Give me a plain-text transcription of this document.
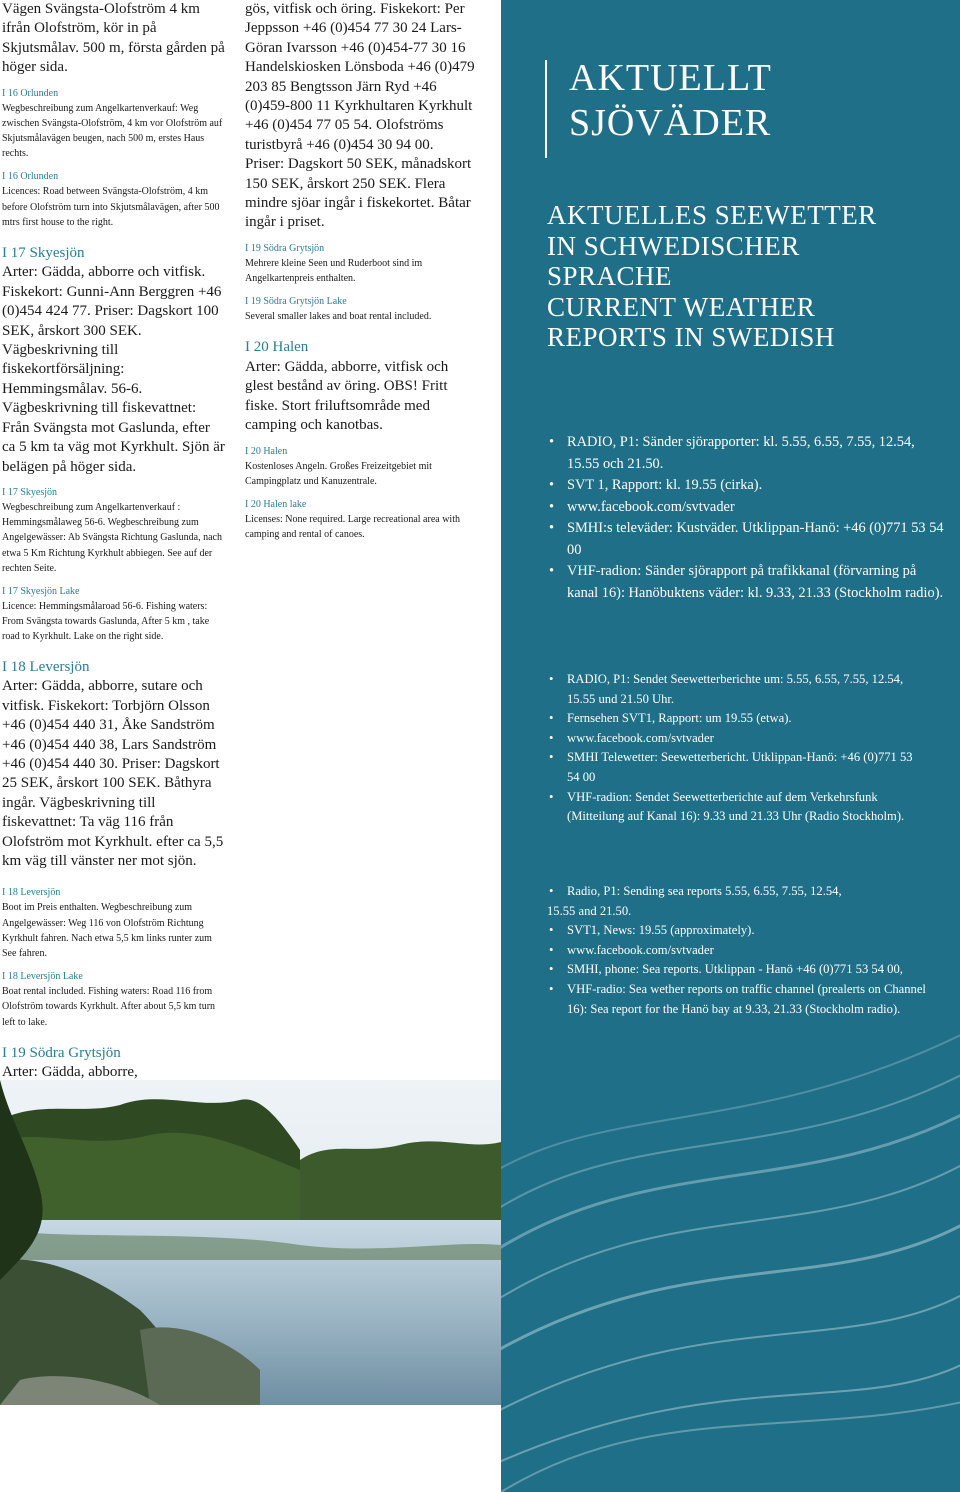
Vägen Svängsta-Olofström 4 km ifrån Olofström, kör in på Skjutsmålav. 500 m, första gården på höger sida.

I 16 Orlunden

Wegbeschreibung zum Angelkartenverkauf: Weg zwischen Svängsta-Olofström, 4 km vor Olofström auf Skjutsmålavägen beugen, nach 500 m, erstes Haus rechts.

I 16 Orlunden

Licences: Road between Svängsta-Olofström, 4 km before Olofström turn into Skjutsmålavägen, after 500 mtrs first house to the right.

I 17 Skyesjön

Arter: Gädda, abborre och vitfisk. Fiskekort: Gunni-Ann Berggren +46 (0)454 424 77. Priser: Dagskort 100 SEK, årskort 300 SEK. Vägbeskrivning till fiskekortförsäljning: Hemmingsmålav. 56-6. Vägbeskrivning till fiskevattnet: Från Svängsta mot Gaslunda, efter ca 5 km ta väg mot Kyrkhult. Sjön är belägen på höger sida.

I 17 Skyesjön

Wegbeschreibung zum Angelkartenverkauf : Hemmingsmålaweg 56-6. Wegbeschreibung zum Angelgewässer: Ab Svängsta Richtung Gaslunda, nach etwa 5 Km Richtung Kyrkhult abbiegen. See auf der rechten Seite.

I 17 Skyesjön Lake

Licence: Hemmingsmålaroad 56-6. Fishing waters: From Svängsta towards Gaslunda, After 5 km , take road to Kyrkhult. Lake on the right side.

I 18 Leversjön

Arter: Gädda, abborre, sutare och vitfisk. Fiskekort: Torbjörn Olsson +46 (0)454 440 31, Åke Sandström +46 (0)454 440 38, Lars Sandström +46 (0)454 440 30. Priser: Dagskort 25 SEK, årskort 100 SEK. Båthyra ingår. Vägbeskrivning till fiskevattnet: Ta väg 116 från Olofström mot Kyrkhult. efter ca 5,5 km väg till vänster ner mot sjön.

I 18 Leversjön

Boot im Preis enthalten. Wegbeschreibung zum Angelgewässer: Weg 116 von Olofström Richtung Kyrkhult fahren. Nach etwa 5,5 km links runter zum See fahren.

I 18 Leversjön Lake

Boat rental included. Fishing waters: Road 116 from Olofström towards Kyrkhult. After about 5,5 km turn left to lake.

I 19 Södra Grytsjön

Arter: Gädda, abborre,

gös, vitfisk och öring. Fiskekort: Per Jeppsson +46 (0)454 77 30 24 Lars-Göran Ivarsson +46 (0)454-77 30 16 Handelskiosken Lönsboda +46 (0)479 203 85 Bengtsson Järn Ryd +46 (0)459-800 11 Kyrkhultaren Kyrkhult +46 (0)454 77 05 54. Olofströms turistbyrå +46 (0)454 30 94 00. Priser: Dagskort 50 SEK, månadskort 150 SEK, årskort 250 SEK. Flera mindre sjöar ingår i fiskekortet. Båtar ingår i priset.

I 19 Södra Grytsjön

Mehrere kleine Seen und Ruderboot sind im Angelkartenpreis enthalten.

I 19 Södra Grytsjön Lake

Several smaller lakes and boat rental included.

I 20 Halen

Arter: Gädda, abborre, vitfisk och glest bestånd av öring. OBS! Fritt fiske. Stort friluftsområde med camping och kanotbas.

I 20 Halen

Kostenloses Angeln. Großes Freizeitgebiet mit Campingplatz und Kanuzentrale.

I 20 Halen lake

Licenses: None required. Large recreational area with camping and rental of canoes.

AKTUELLT
SJÖVÄDER
AKTUELLES SEEWETTER
IN SCHWEDISCHER
SPRACHE
CURRENT WEATHER
REPORTS IN SWEDISH
• RADIO, P1: Sänder sjörapporter: kl. 5.55, 6.55, 7.55, 12.54, 15.55 och 21.50.
• SVT 1, Rapport: kl. 19.55 (cirka).
• www.facebook.com/svtvader
• SMHI:s televäder: Kustväder. Utklippan-Hanö: +46 (0)771 53 54 00
• VHF-radion: Sänder sjörapport på trafikkanal (förvarning på kanal 16): Hanöbuktens väder: kl. 9.33, 21.33 (Stockholm radio).
• RADIO, P1: Sendet Seewetterberichte um: 5.55, 6.55, 7.55, 12.54, 15.55 und 21.50 Uhr.
• Fernsehen SVT1, Rapport: um 19.55 (etwa).
• www.facebook.com/svtvader
• SMHI Telewetter: Seewetterbericht. Utklippan-Hanö: +46 (0)771 53 54 00
• VHF-radion: Sendet Seewetterberichte auf dem Verkehrsfunk (Mitteilung auf Kanal 16): 9.33 und 21.33 Uhr (Radio Stockholm).
• Radio, P1: Sending sea reports 5.55, 6.55, 7.55, 12.54,
15.55 and 21.50.
• SVT1, News: 19.55 (approximately).
• www.facebook.com/svtvader
• SMHI, phone: Sea reports. Utklippan - Hanö +46 (0)771 53 54 00,
• VHF-radio: Sea wether reports on traffic channel (prealerts on Channel 16): Sea report for the Hanö bay at 9.33, 21.33 (Stockholm radio).
